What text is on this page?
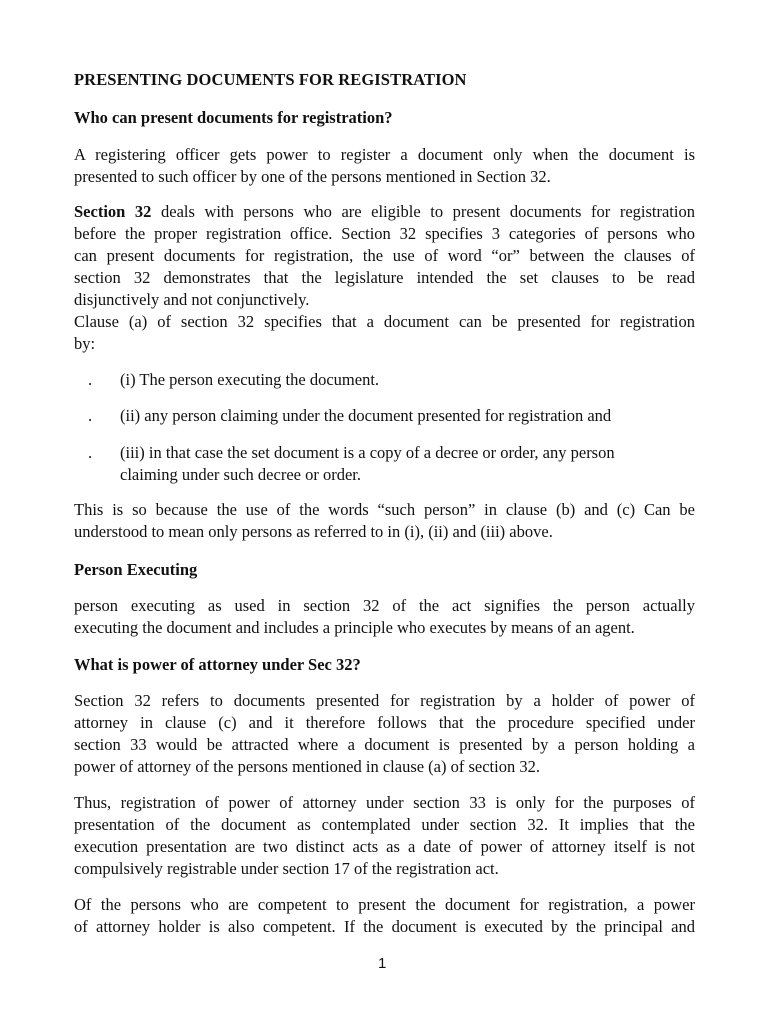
PRESENTING DOCUMENTS FOR REGISTRATION
Who can present documents for registration?
A registering officer gets power to register a document only when the document is
presented to such officer by one of the persons mentioned in Section 32.
Section 32 deals with persons who are eligible to present documents for registration
before the proper registration office. Section 32 specifies 3 categories of persons who
can present documents for registration, the use of word “or” between the clauses of
section 32 demonstrates that the legislature intended the set clauses to be read
disjunctively and not conjunctively.
Clause (a) of section 32 specifies that a document can be presented for registration
by:
. (i) The person executing the document.
. (ii) any person claiming under the document presented for registration and
. (iii) in that case the set document is a copy of a decree or order, any person
claiming under such decree or order.
This is so because the use of the words “such person” in clause (b) and (c) Can be
understood to mean only persons as referred to in (i), (ii) and (iii) above.
Person Executing
person executing as used in section 32 of the act signifies the person actually
executing the document and includes a principle who executes by means of an agent.
What is power of attorney under Sec 32?
Section 32 refers to documents presented for registration by a holder of power of
attorney in clause (c) and it therefore follows that the procedure specified under
section 33 would be attracted where a document is presented by a person holding a
power of attorney of the persons mentioned in clause (a) of section 32.
Thus, registration of power of attorney under section 33 is only for the purposes of
presentation of the document as contemplated under section 32. It implies that the
execution presentation are two distinct acts as a date of power of attorney itself is not
compulsively registrable under section 17 of the registration act.
Of the persons who are competent to present the document for registration, a power
of attorney holder is also competent. If the document is executed by the principal and
1
